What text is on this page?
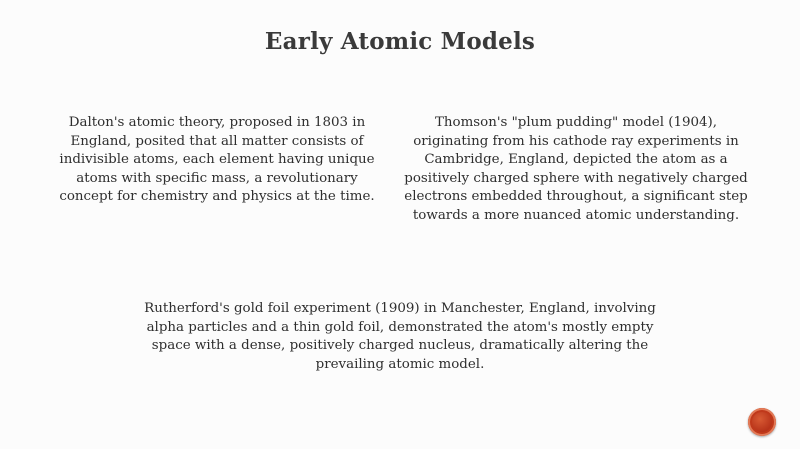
Early Atomic Models
Dalton's atomic theory, proposed in 1803 in England, posited that all matter consists of indivisible atoms, each element having unique atoms with specific mass, a revolutionary concept for chemistry and physics at the time.
Thomson's "plum pudding" model (1904), originating from his cathode ray experiments in Cambridge, England, depicted the atom as a positively charged sphere with negatively charged electrons embedded throughout, a significant step towards a more nuanced atomic understanding.
Rutherford's gold foil experiment (1909) in Manchester, England, involving alpha particles and a thin gold foil, demonstrated the atom's mostly empty space with a dense, positively charged nucleus, dramatically altering the prevailing atomic model.
